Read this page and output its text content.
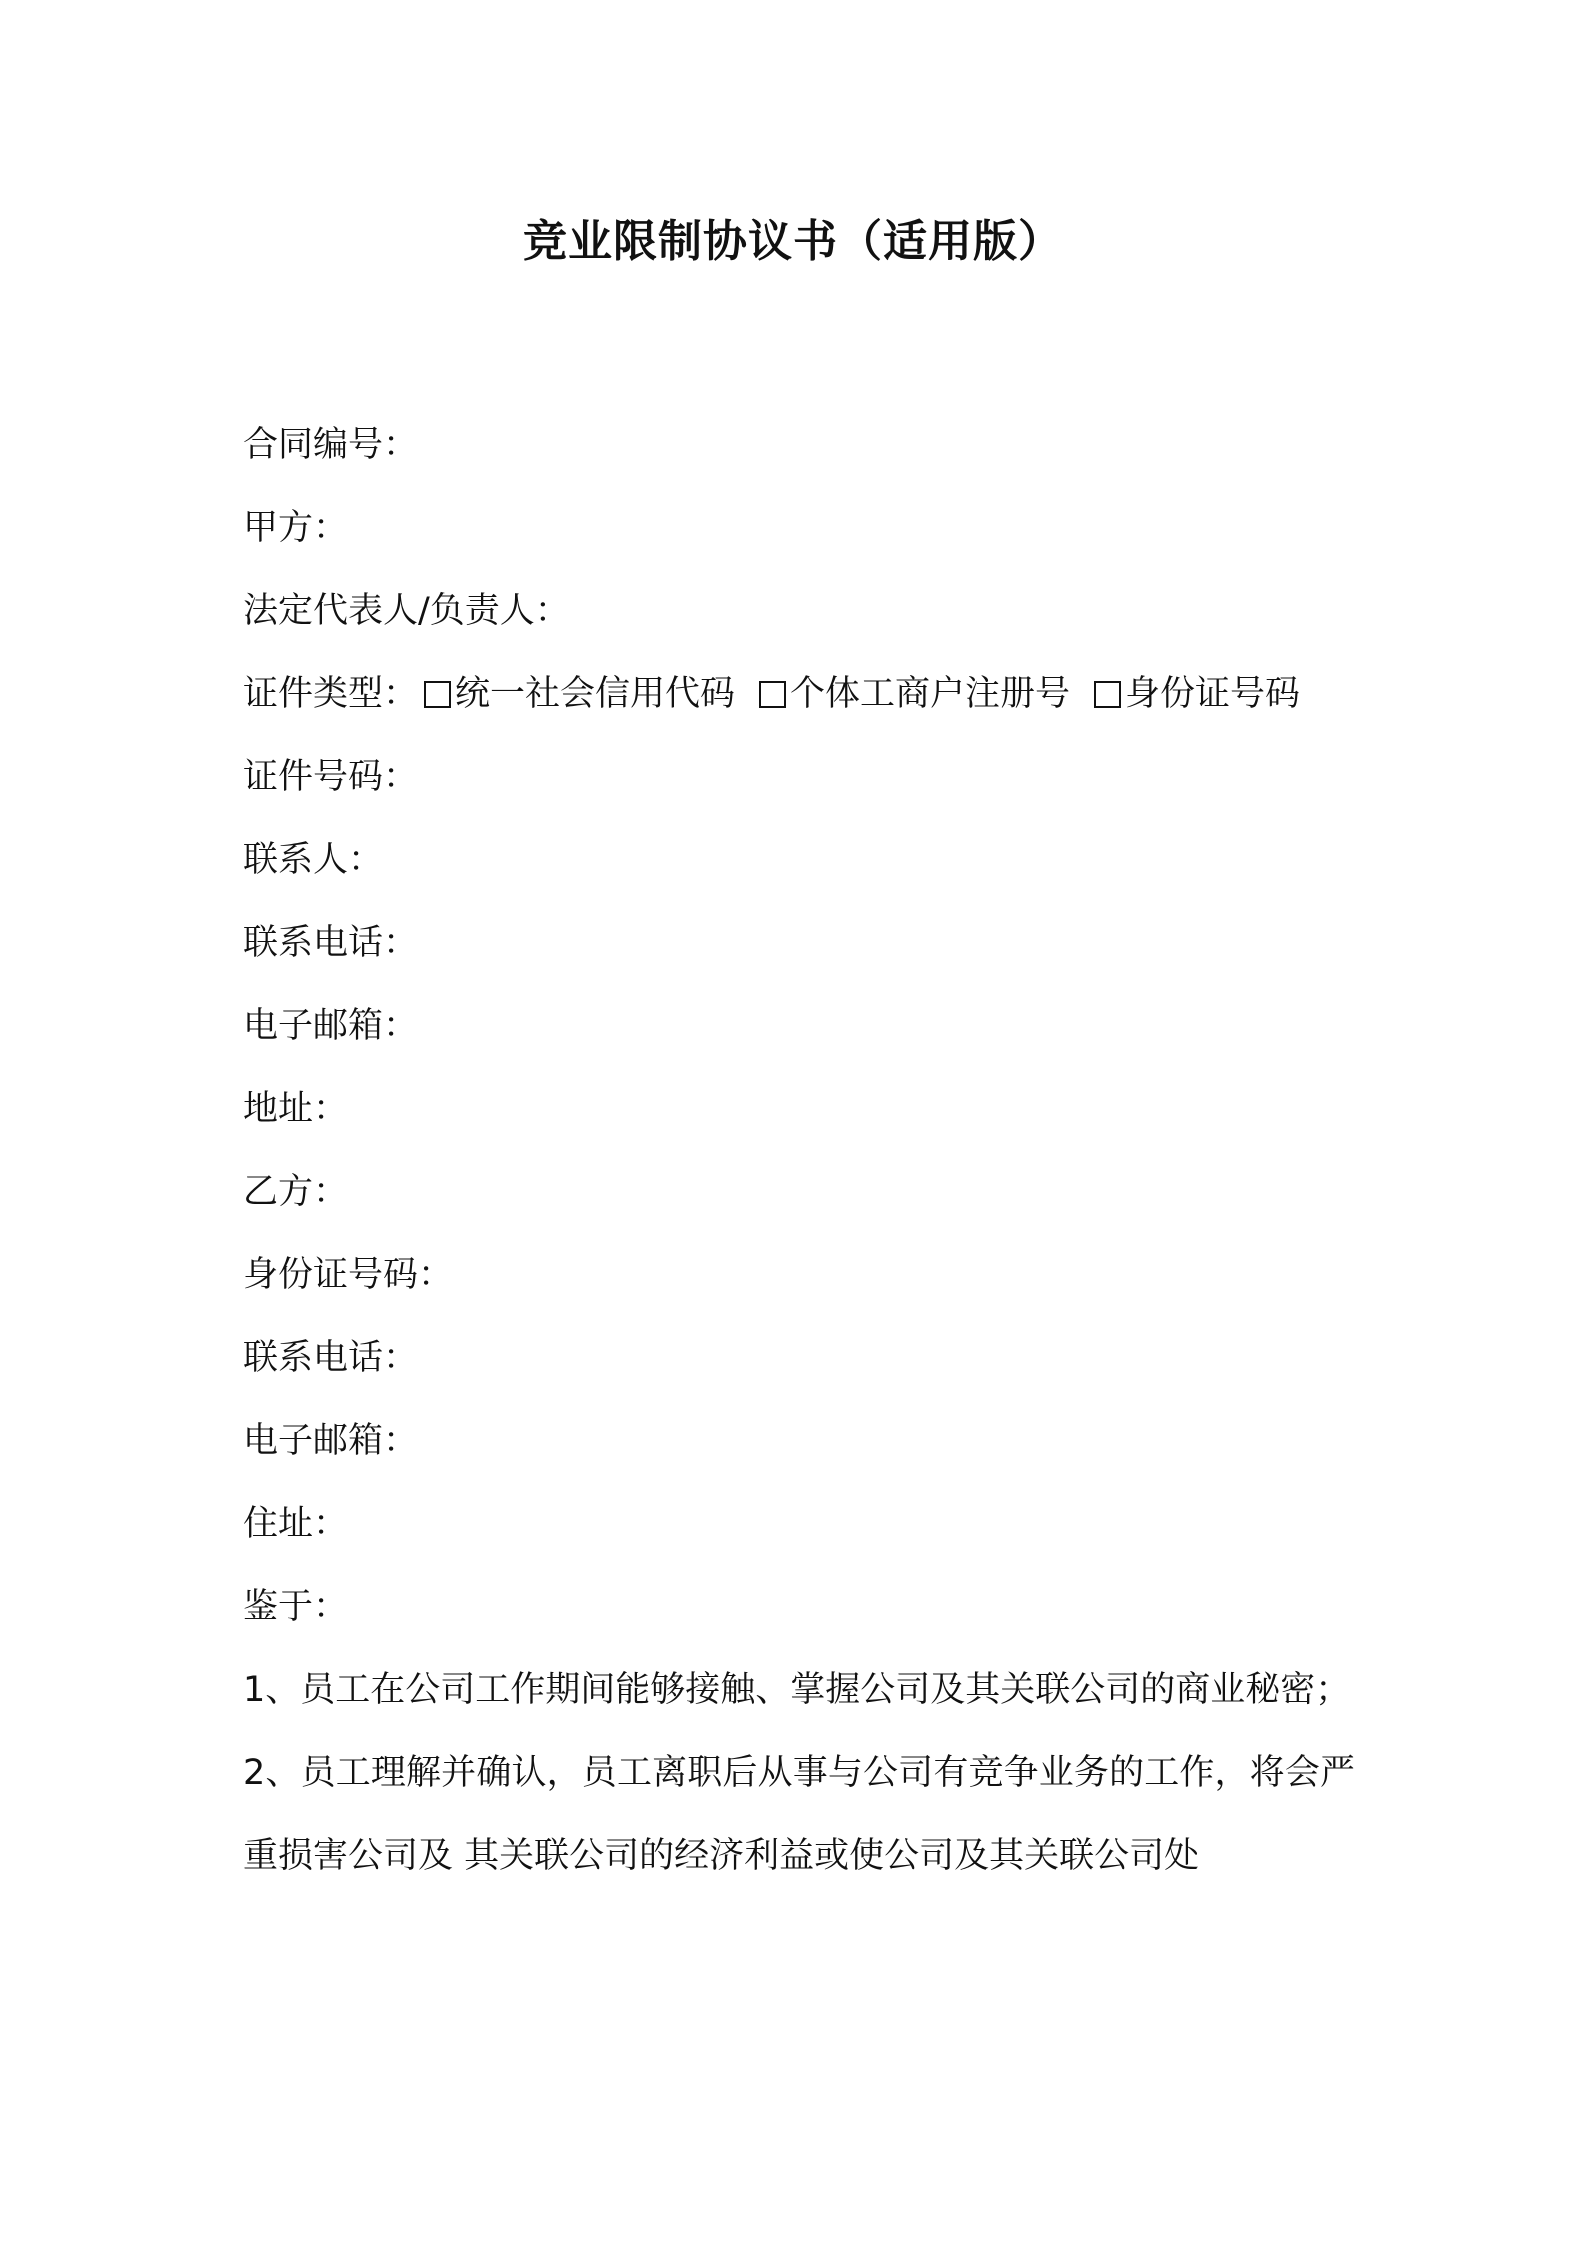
竞业限制协议书（适用版）
合同编号：
甲方：
法定代表人/负责人：
证件类型： 统一社会信用代码 个体工商户注册号 身份证号码
证件号码：
联系人：
联系电话：
电子邮箱：
地址：
乙方：
身份证号码：
联系电话：
电子邮箱：
住址：
鉴于：
1、员工在公司工作期间能够接触、掌握公司及其关联公司的商业秘密；
2、员工理解并确认，员工离职后从事与公司有竞争业务的工作，将会严重损害公司及 其关联公司的经济利益或使公司及其关联公司处
